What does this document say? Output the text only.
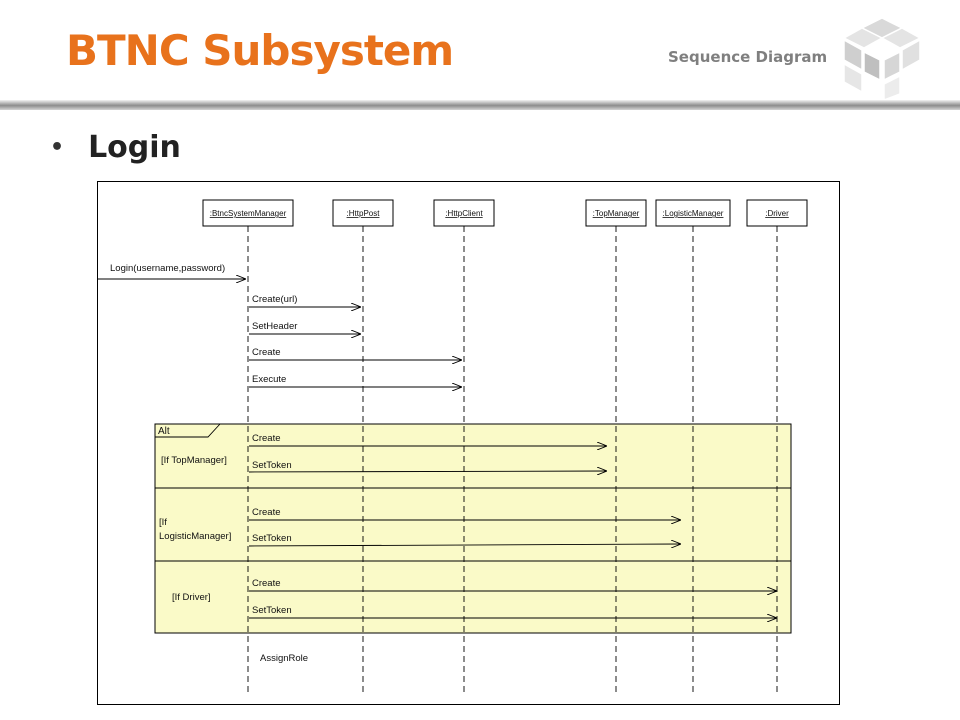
BTNC Subsystem	Sequence Diagram
• Login
Alt
[If TopManager]
[If
LogisticManager]
[If Driver]
:BtncSystemManager	:HttpPost	:HttpClient	:TopManager	:LogisticManager	:Driver
Login(username,password)
Create(url)
SetHeader
Create
Execute
Create
SetToken
Create
SetToken
Create
SetToken
AssignRole
